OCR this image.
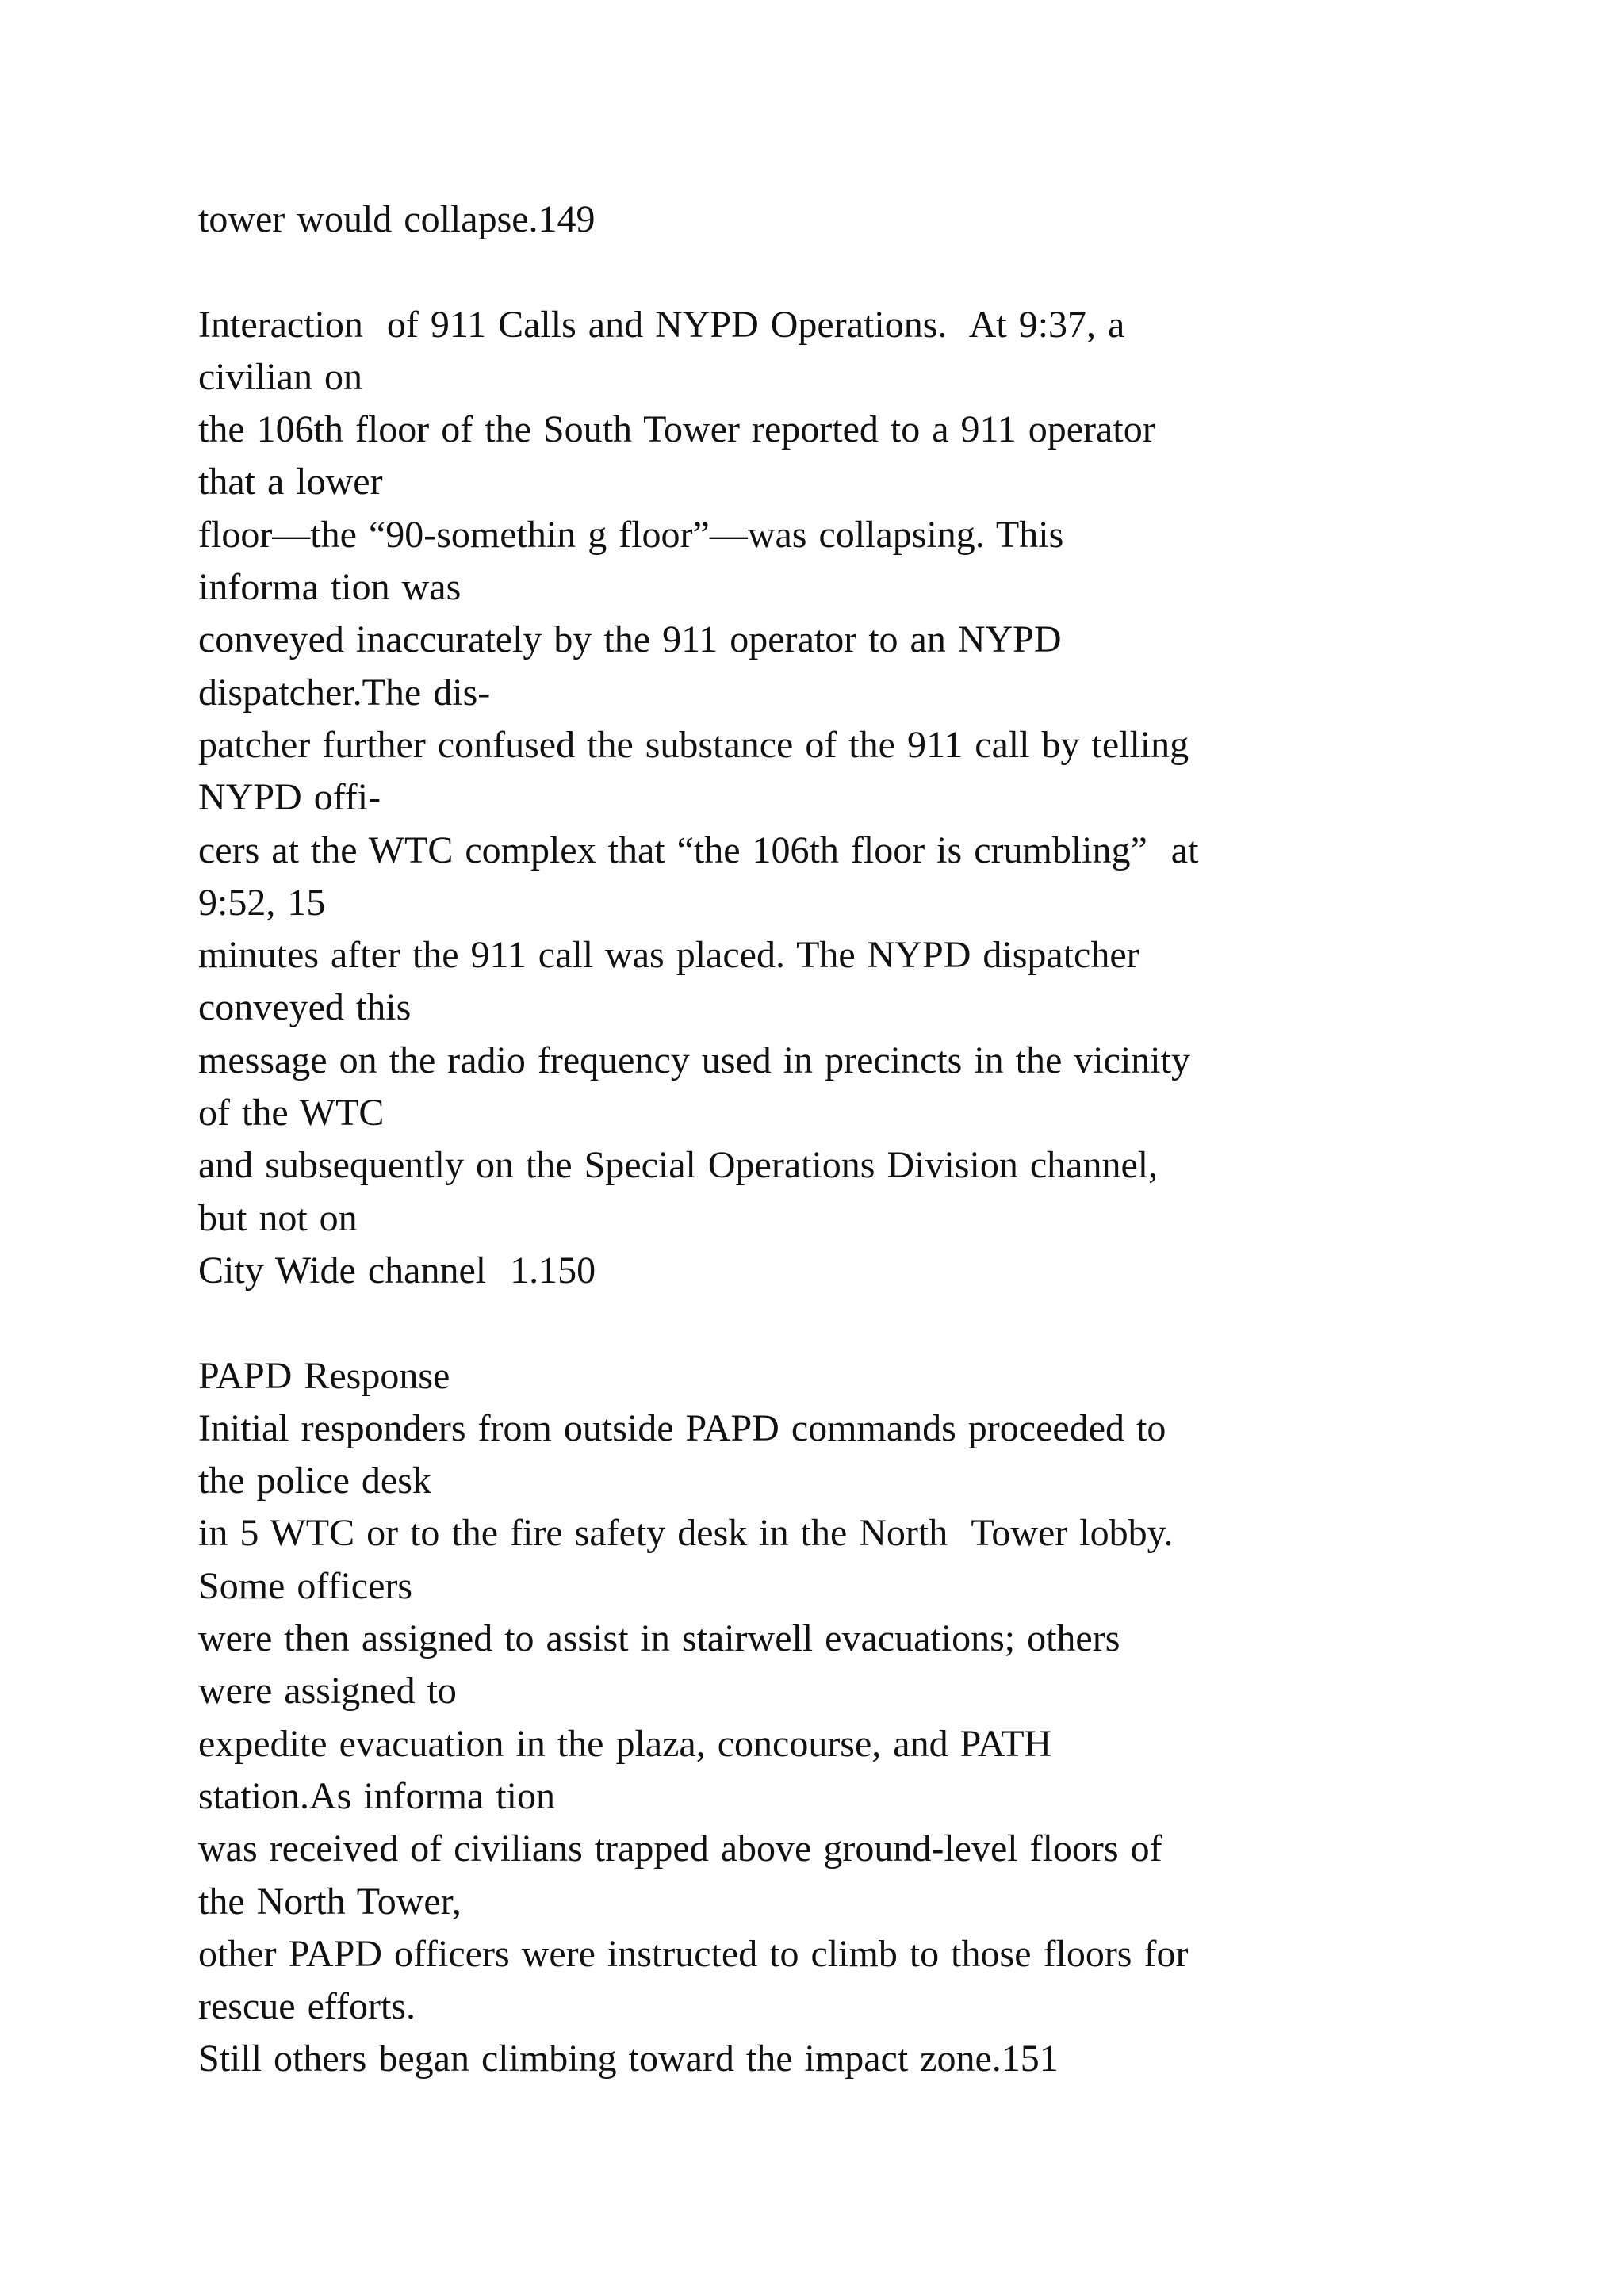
tower would collapse.149
Interaction  of 911 Calls and NYPD Operations.  At 9:37, a
civilian on
the 106th floor of the South Tower reported to a 911 operator
that a lower
floor—the “90-somethin g floor”—was collapsing. This
informa tion was
conveyed inaccurately by the 911 operator to an NYPD
dispatcher.The dis-
patcher further confused the substance of the 911 call by telling
NYPD offi-
cers at the WTC complex that “the 106th floor is crumbling”  at
9:52, 15
minutes after the 911 call was placed. The NYPD dispatcher
conveyed this
message on the radio frequency used in precincts in the vicinity
of the WTC
and subsequently on the Special Operations Division channel,
but not on
City Wide channel  1.150
PAPD Response
Initial responders from outside PAPD commands proceeded to
the police desk
in 5 WTC or to the fire safety desk in the North  Tower lobby.
Some officers
were then assigned to assist in stairwell evacuations; others
were assigned to
expedite evacuation in the plaza, concourse, and PATH
station.As informa tion
was received of civilians trapped above ground-level floors of
the North Tower,
other PAPD officers were instructed to climb to those floors for
rescue efforts.
Still others began climbing toward the impact zone.151
